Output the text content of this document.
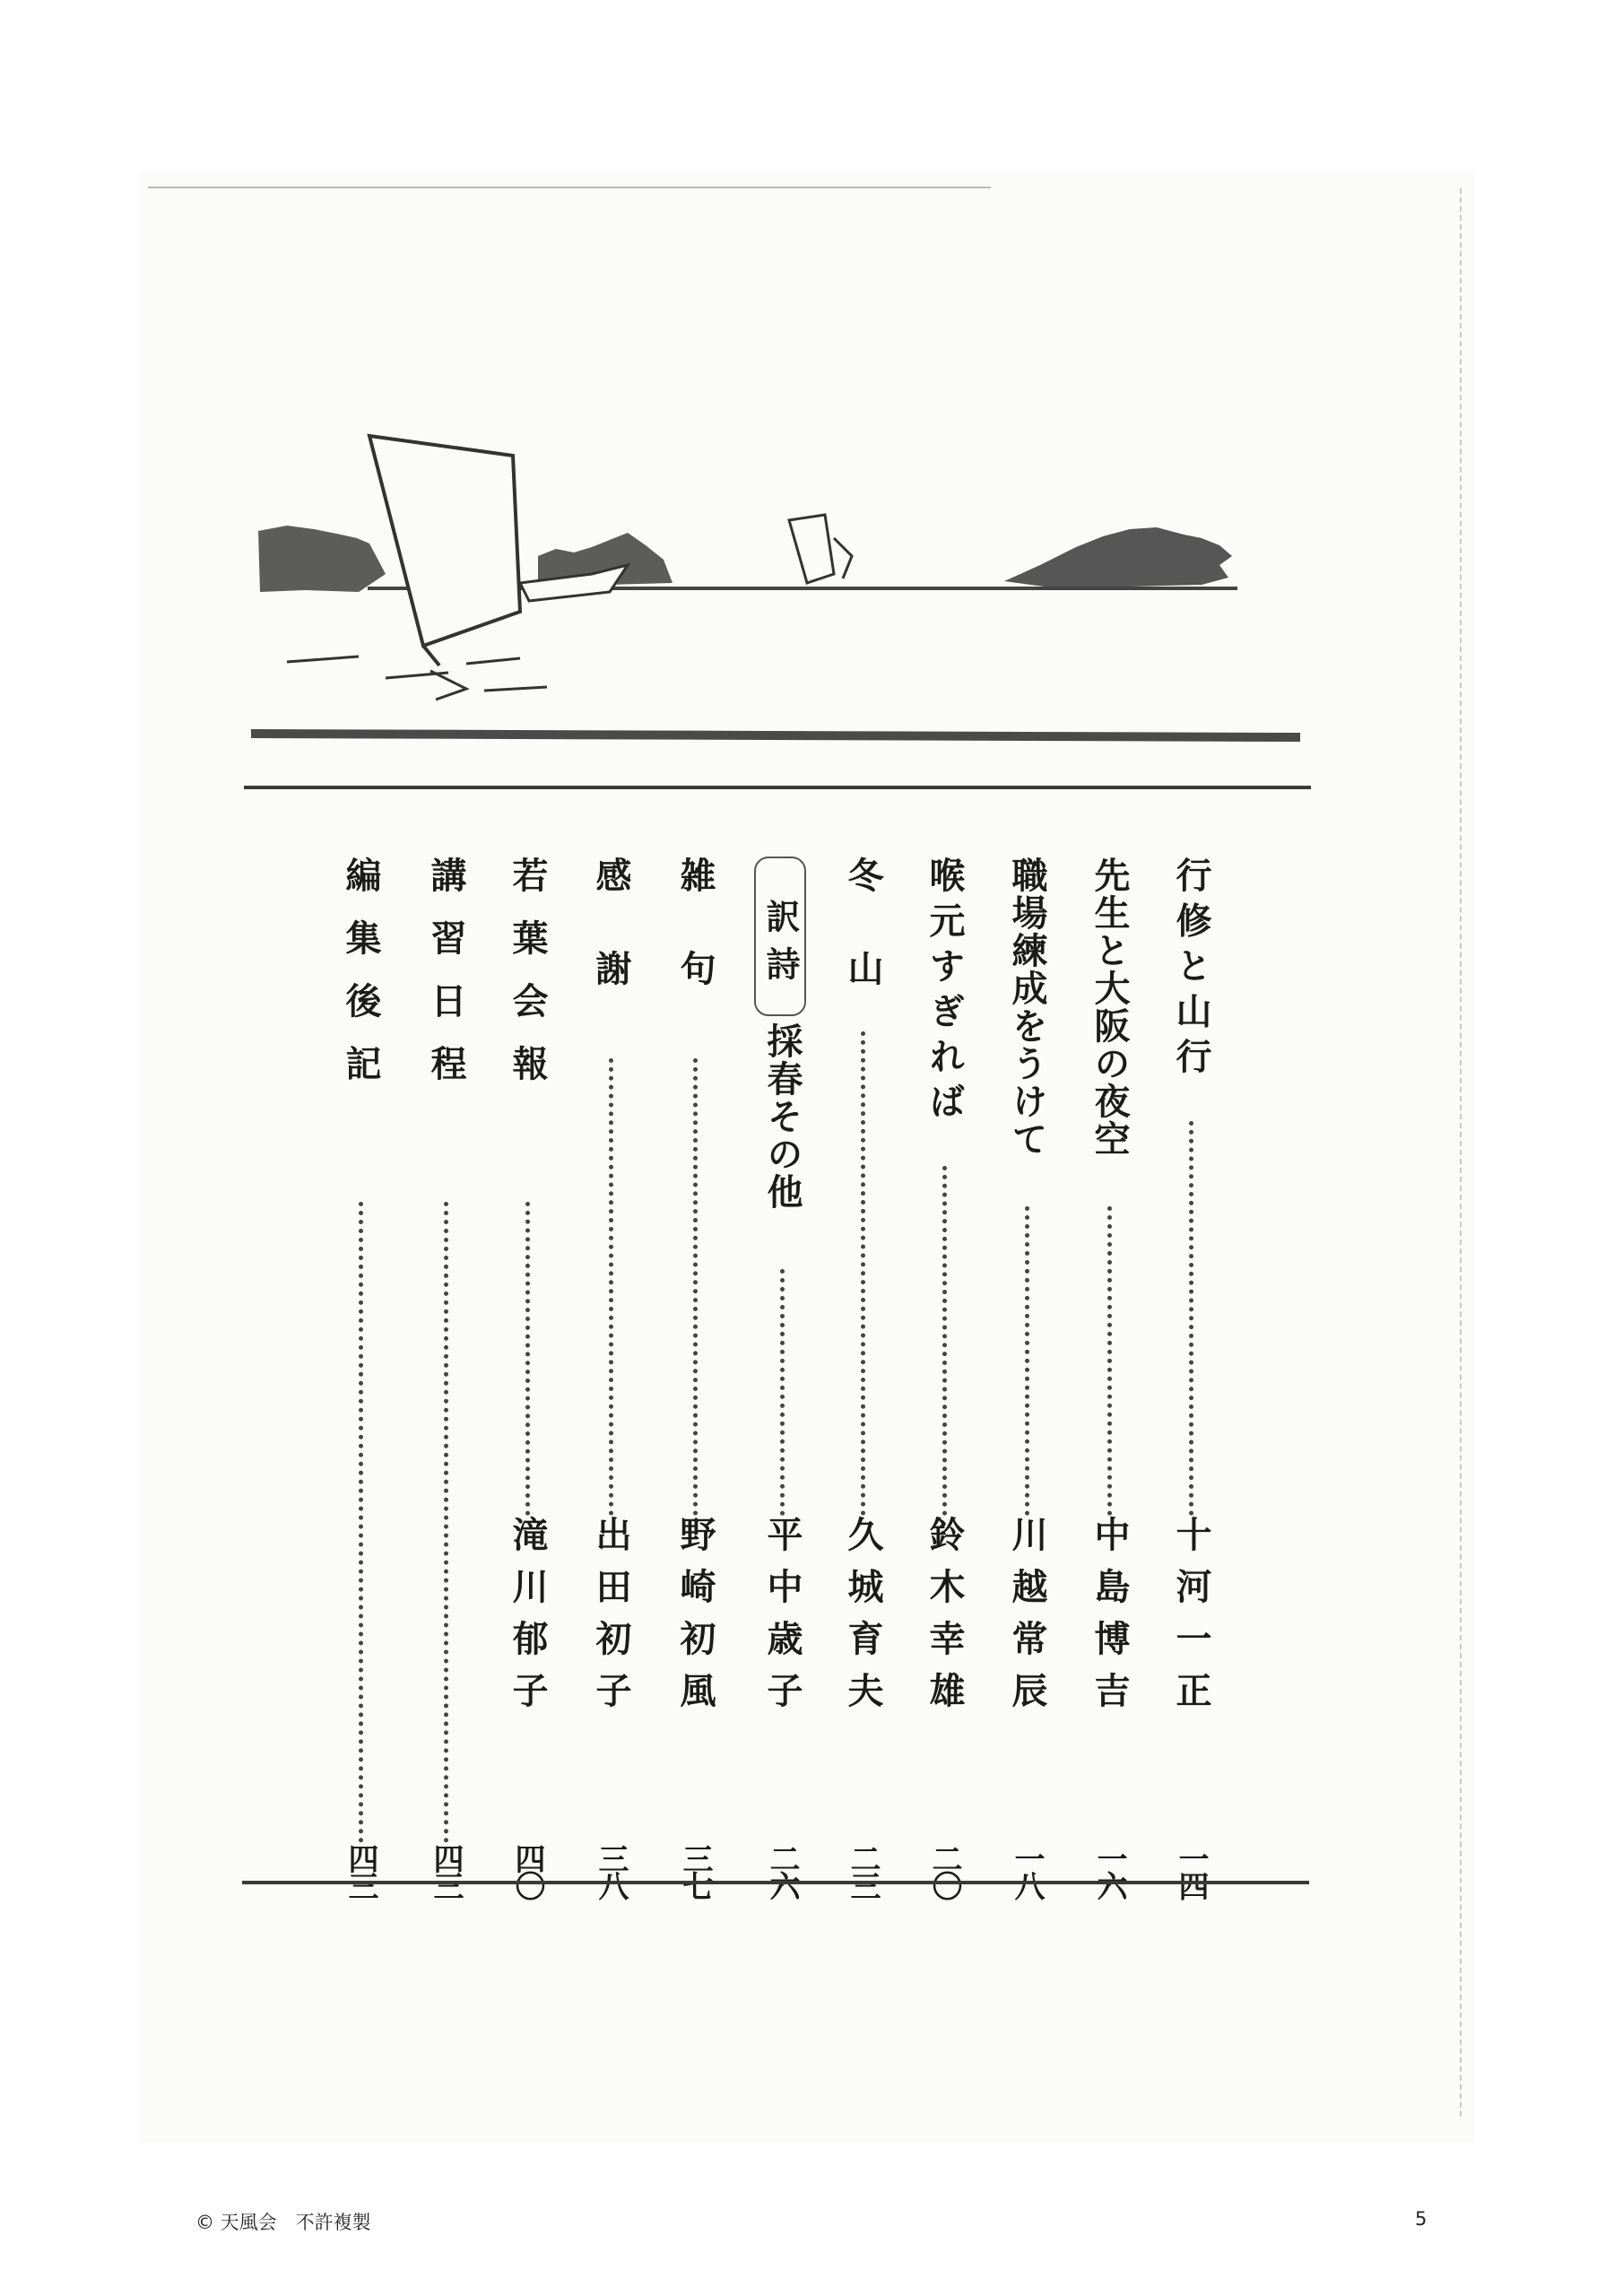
行修と山行
十河一正
一四
先生と大阪の夜空
中島博吉
一六
職場練成をうけて
川越常辰
一八
喉元すぎれば
鈴木幸雄
二〇
冬山
久城育夫
二三
訳詩
採春その他
平中歳子
二六
雑句
野崎初風
三七
感謝
出田初子
三八
若葉会報
滝川郁子
四〇
講習日程
四三
編集後記
四三
© 天風会　不許複製	5
